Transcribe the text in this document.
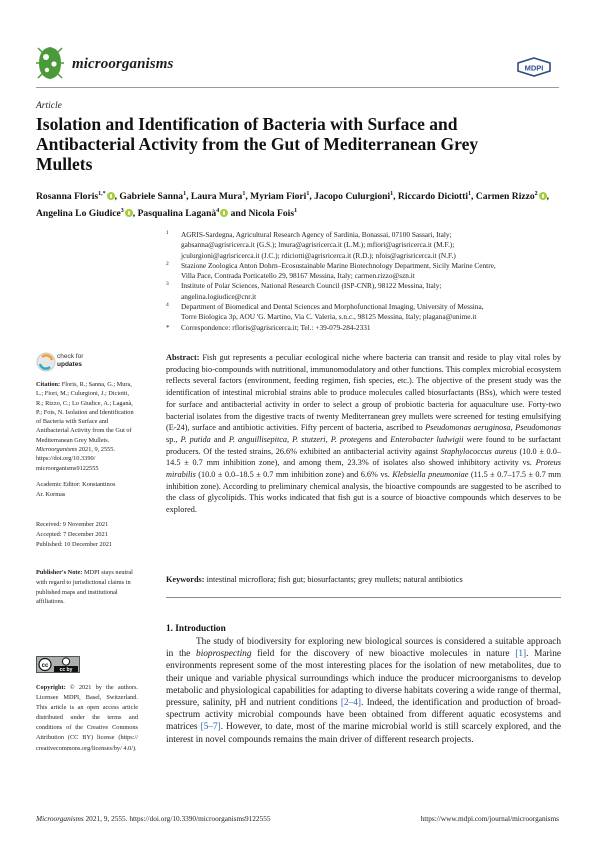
microorganisms	MDPI
Article
Isolation and Identification of Bacteria with Surface and Antibacterial Activity from the Gut of Mediterranean Grey Mullets
Rosanna Floris$^{1,*}$ , Gabriele Sanna$^1$, Laura Mura$^1$, Myriam Fiori$^1$, Jacopo Culurgioni$^1$, Riccardo Diciotti$^1$, Carmen Rizzo$^2$ , Angelina Lo Giudice$^3$ , Pasqualina Laganà$^4$ and Nicola Fois$^1$
1 AGRIS-Sardegna, Agricultural Research Agency of Sardinia, Bonassai, 07100 Sassari, Italy;
gabsanna@agrisricerca.it (G.S.); lmura@agrisricerca.it (L.M.); mfiori@agrisricerca.it (M.F.);
jculurgioni@agrisricerca.it (J.C.); rdiciotti@agrisricerca.it (R.D.); nfois@agrisricerca.it (N.F.)
2 Stazione Zoologica Anton Dohrn–Ecosustainable Marine Biotechnology Department, Sicily Marine Centre,
Villa Pace, Contrada Porticatello 29, 98167 Messina, Italy; carmen.rizzo@szn.it
3 Institute of Polar Sciences, National Research Council (ISP-CNR), 98122 Messina, Italy;
angelina.logiudice@cnr.it
4 Department of Biomedical and Dental Sciences and Morphofunctional Imaging, University of Messina,
Torre Biologica 3p, AOU 'G. Martino, Via C. Valeria, s.n.c., 98125 Messina, Italy; plagana@unime.it
* Correspondence: rfloris@agrisricerca.it; Tel.: +39-079-284-2331
check for
updates
Citation: Floris, R.; Sanna, G.; Mura, L.; Fiori, M.; Culurgioni, J.; Diciotti, R.; Rizzo, C.; Lo Giudice, A.; Laganà, P.; Fois, N. Isolation and Identification of Bacteria with Surface and Antibacterial Activity from the Gut of Mediterranean Grey Mullets. Microorganisms 2021, 9, 2555. https://doi.org/10.3390/ microorganisms9122555
Academic Editor: Konstantinos
Ar. Kormas
Received: 9 November 2021
Accepted: 7 December 2021
Published: 10 December 2021
Publisher's Note: MDPI stays neutral with regard to jurisdictional claims in published maps and institutional affiliations.
cc
cc by
Copyright: © 2021 by the authors. Licensee MDPI, Basel, Switzerland. This article is an open access article distributed under the terms and conditions of the Creative Commons Attribution (CC BY) license (https:// creativecommons.org/licenses/by/ 4.0/).
Abstract: Fish gut represents a peculiar ecological niche where bacteria can transit and reside to play vital roles by producing bio-compounds with nutritional, immunomodulatory and other functions. This complex microbial ecosystem reflects several factors (environment, feeding regimen, fish species, etc.). The objective of the present study was the identification of intestinal microbial strains able to produce molecules called biosurfactants (BSs), which were tested for surface and antibacterial activity in order to select a group of probiotic bacteria for aquaculture use. Forty-two bacterial isolates from the digestive tracts of twenty Mediterranean grey mullets were screened for testing emulsifying (E-24), surface and antibiotic activities. Fifty percent of bacteria, ascribed to Pseudomonas aeruginosa, Pseudomonas sp., P. putida and P. anguillisepitca, P. stutzeri, P. protegens and Enterobacter ludwigii were found to be surfactant producers. Of the tested strains, 26.6% exhibited an antibacterial activity against Staphylococcus aureus (10.0 ± 0.0–14.5 ± 0.7 mm inhibition zone), and among them, 23.3% of isolates also showed inhibitory activity vs. Proteus mirabilis (10.0 ± 0.0–18.5 ± 0.7 mm inhibition zone) and 6.6% vs. Klebsiella pneumoniae (11.5 ± 0.7–17.5 ± 0.7 mm inhibition zone). According to preliminary chemical analysis, the bioactive compounds are suggested to be ascribed to the class of glycolipids. This works indicated that fish gut is a source of bioactive compounds which deserves to be explored.
Keywords: intestinal microflora; fish gut; biosurfactants; grey mullets; natural antibiotics
1. Introduction

The study of biodiversity for exploring new biological sources is considered a suitable approach in the bioprospecting field for the discovery of new bioactive molecules in nature [1]. Marine environments represent some of the most interesting places for the isolation of new metabolites, due to their unique and variable physical surroundings which induce the producer microorganisms to develop metabolic and physiological capabilities for adapting to diverse habitats covering a wide range of thermal, pressure, salinity, pH and nutrient conditions [2–4]. Indeed, the identification and production of broad-spectrum activity microbial compounds have been obtained from different aquatic ecosystems and matrices [5–7]. However, to date, most of the marine microbial world is still scarcely explored, and the interest in novel compounds remains the main driver of different research projects.

Microorganisms 2021, 9, 2555. https://doi.org/10.3390/microorganisms9122555	https://www.mdpi.com/journal/microorganisms
